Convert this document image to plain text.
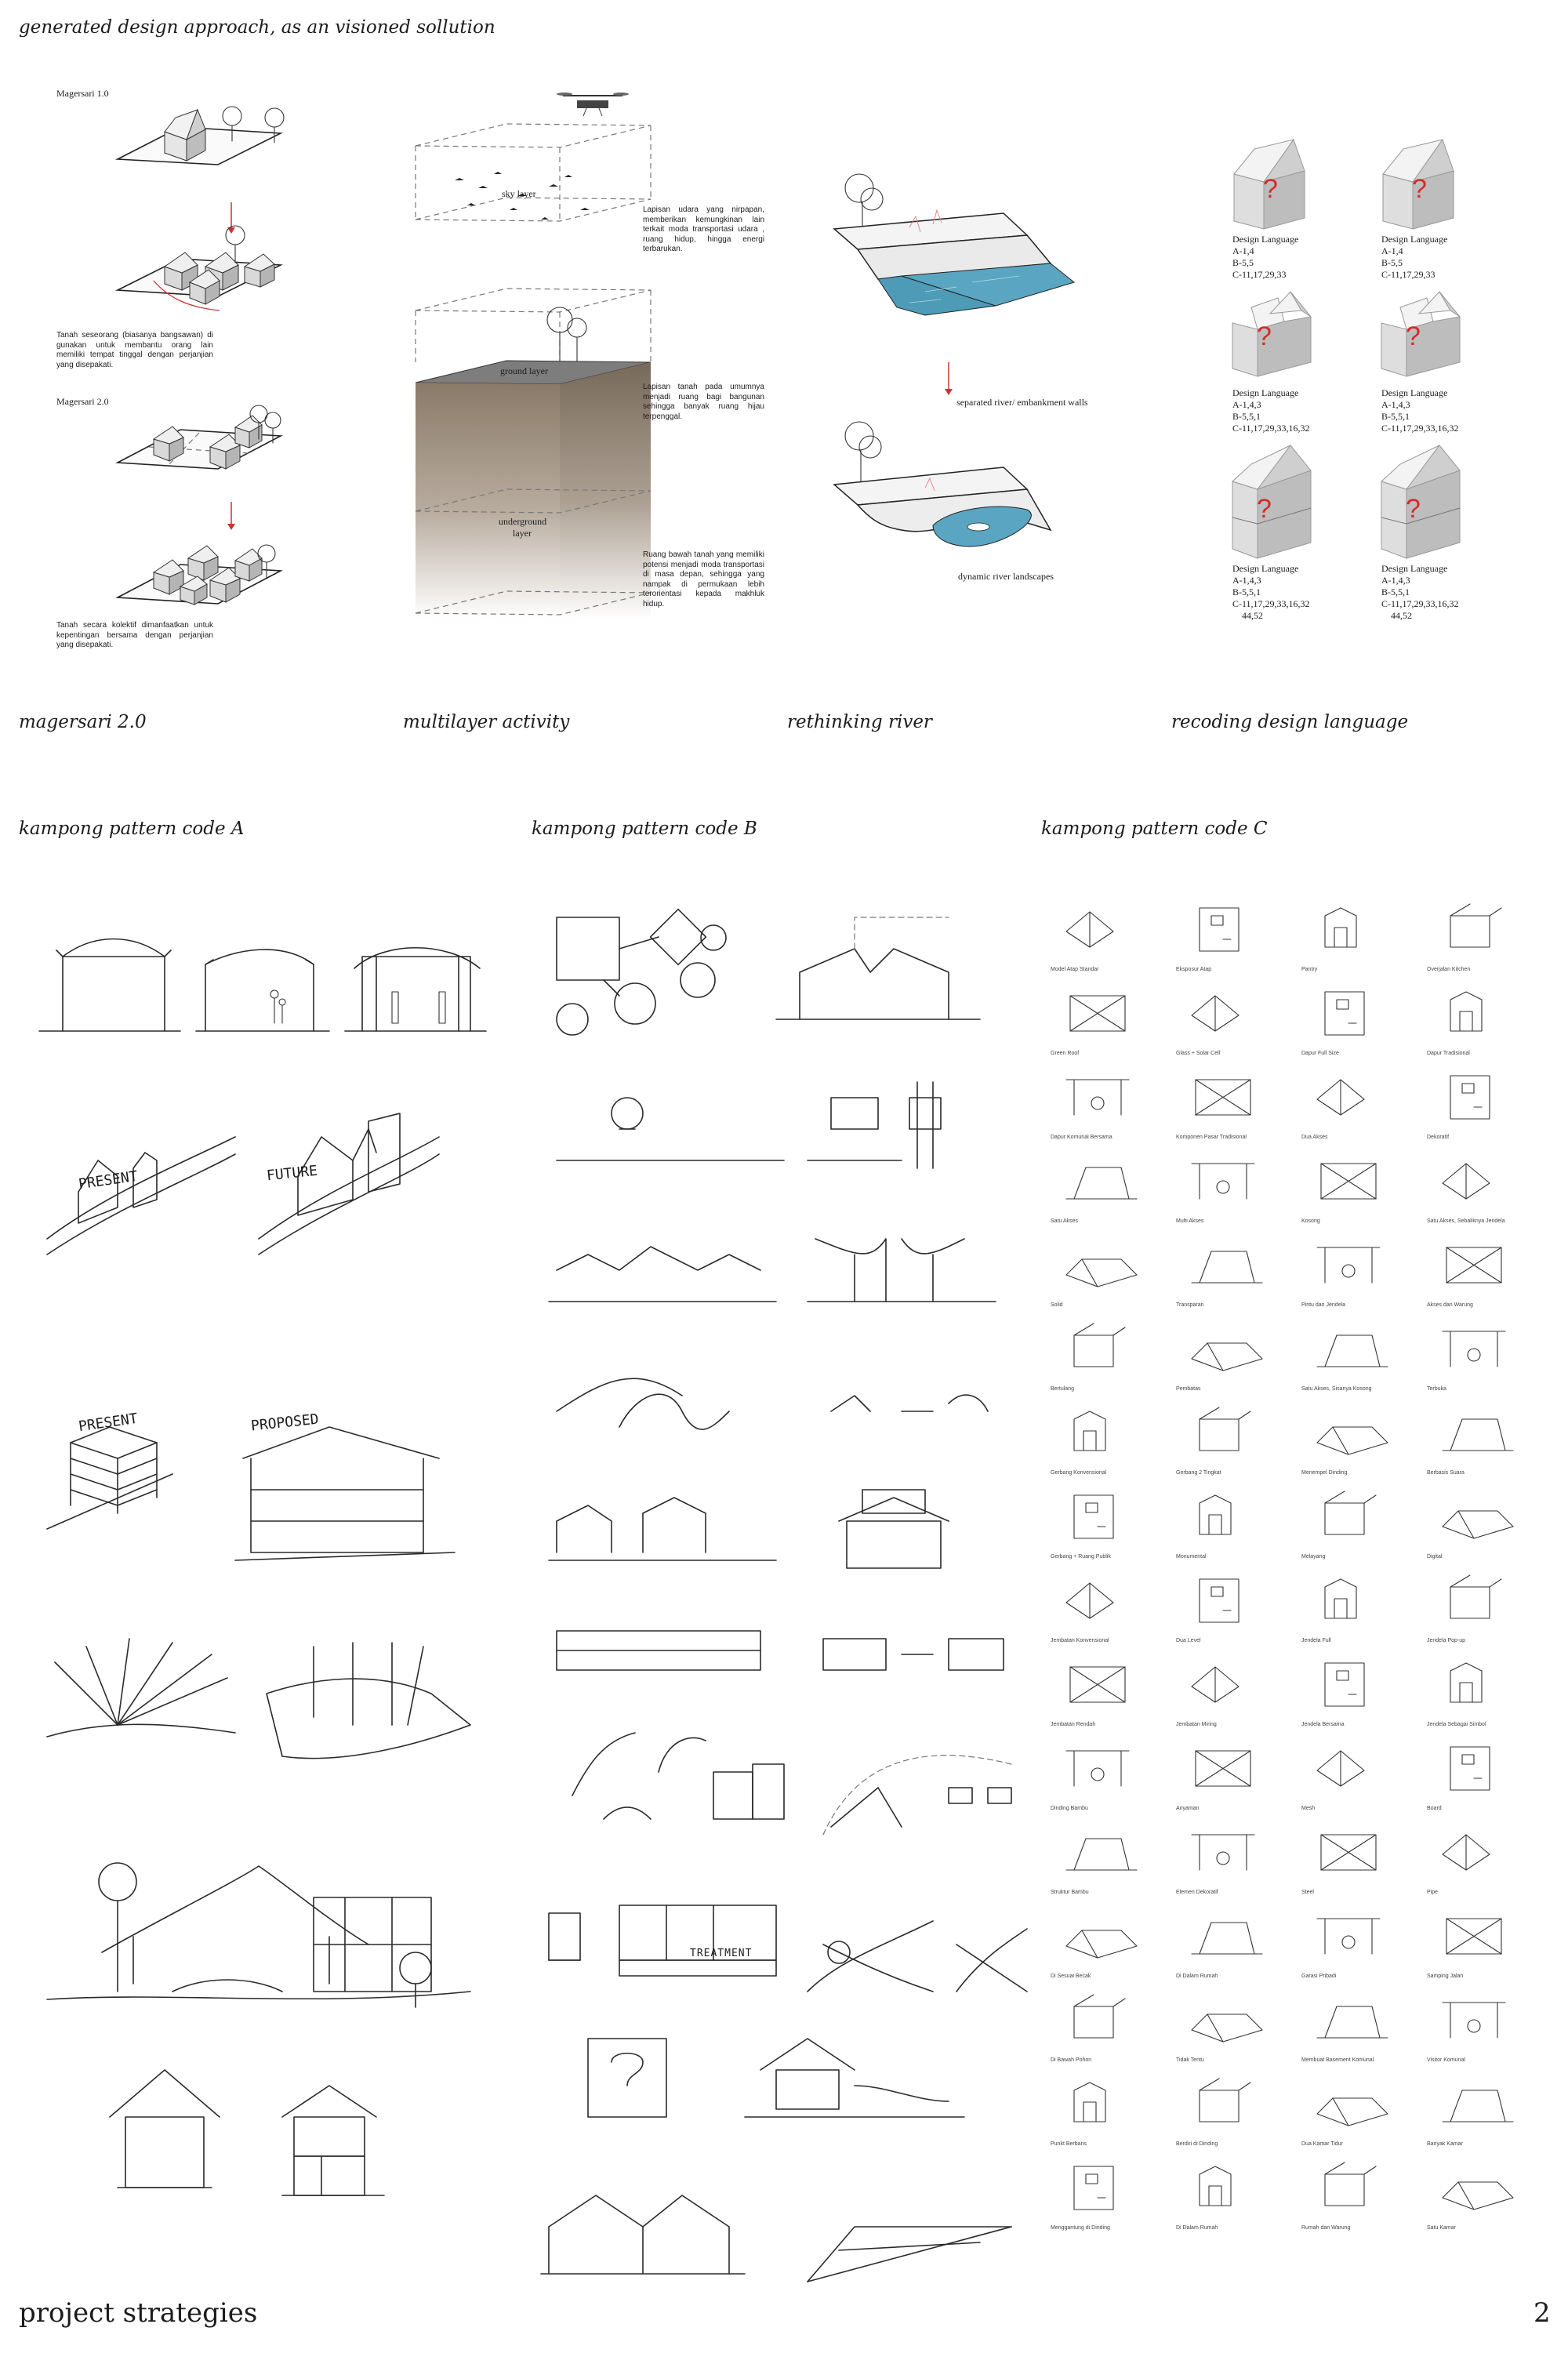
generated design approach, as an visioned sollution
Magersari 1.0
Tanah seseorang (biasanya bangsawan) di gunakan untuk membantu orang lain memiliki tempat tinggal dengan perjanjian yang disepakati.
Magersari 2.0
Tanah secara kolektif dimanfaatkan untuk kepentingan bersama dengan perjanjian yang disepakati.
sky layer
ground layer
underground layer
Lapisan udara yang nirpapan, memberikan kemungkinan lain terkait moda transportasi udara , ruang hidup, hingga energi terbarukan.
Lapisan tanah pada umumnya menjadi ruang bagi bangunan sehingga banyak ruang hijau terpenggal.
Ruang bawah tanah yang memiliki potensi menjadi moda transportasi di masa depan, sehingga yang nampak di permukaan lebih terorientasi kepada makhluk hidup.
separated river/ embankment walls
dynamic river landscapes
?	?
?	?
?	?
Design Language
A-1,4
B-5,5
C-11,17,29,33
Design Language
A-1,4
B-5,5
C-11,17,29,33
Design Language
A-1,4,3
B-5,5,1
C-11,17,29,33,16,32
Design Language
A-1,4,3
B-5,5,1
C-11,17,29,33,16,32
Design Language
A-1,4,3
B-5,5,1
C-11,17,29,33,16,32
44,52
Design Language
A-1,4,3
B-5,5,1
C-11,17,29,33,16,32
44,52
magersari 2.0	multilayer activity	rethinking river	recoding design language
kampong pattern code A	kampong pattern code B	kampong pattern code C
PRESENT	FUTURE
PRESENT	PROPOSED
TREATMENT
Model Atap Standar	Eksposur Atap	Pantry	Overjalan Kitchen
Green Roof	Glass + Solar Cell	Dapur Full Size	Dapur Tradisional
Dapur Komunal Bersama	Komponen Pasar Tradisional	Dua Akses	Dekoratif
Satu Akses	Multi Akses	Kosong	Satu Akses, Sebaliknya Jendela
Solid	Transparan	Pintu dan Jendela	Akses dan Warung
Bertulang	Pembatas	Satu Akses, Sisanya Kosong	Terbuka
Gerbang Konvensional	Gerbang 2 Tingkat	Menempel Dinding	Berbasis Suara
Gerbang + Ruang Publik	Monumental	Melayang	Digital
Jembatan Konvensional	Dua Level	Jendela Full	Jendela Pop-up
Jembatan Rendah	Jembatan Miring	Jendela Bersama	Jendela Sebagai Simbol
Dinding Bambu	Anyaman	Mesh	Board
Struktur Bambu	Elemen Dekoratif	Steel	Pipe
Di Sesuai Becak	Di Dalam Rumah	Garasi Pribadi	Samping Jalan
Di Bawah Pohon	Tidak Tentu	Membuat Basement Komunal	Visitor Komunal
Punkt Berbaris	Berdiri di Dinding	Dua Kamar Tidur	Banyak Kamar
Menggantung di Dinding	Di Dalam Rumah	Rumah dan Warung	Satu Kamar
project strategies	2
